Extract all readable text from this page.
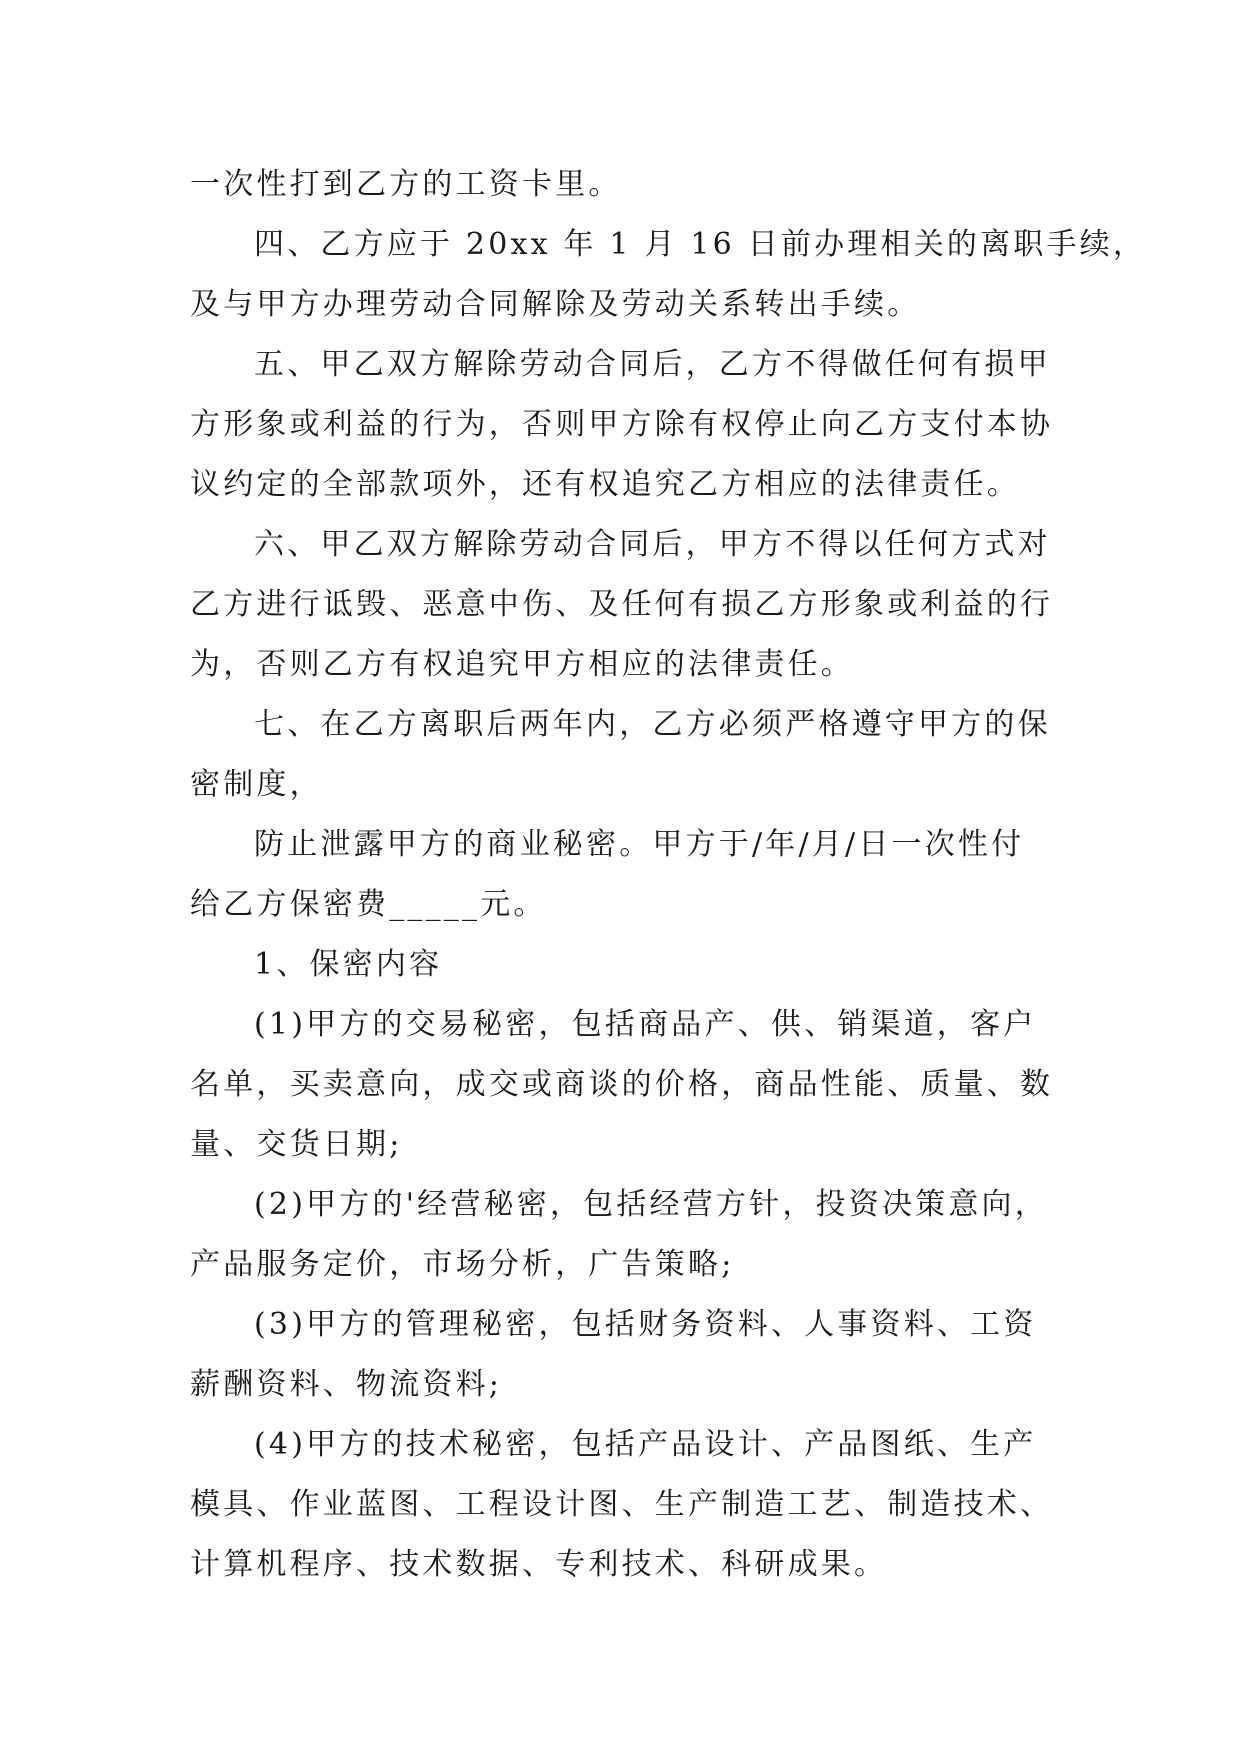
一次性打到乙方的工资卡里。
四、乙方应于 20xx 年 1 月 16 日前办理相关的离职手续，
及与甲方办理劳动合同解除及劳动关系转出手续。
五、甲乙双方解除劳动合同后，乙方不得做任何有损甲
方形象或利益的行为，否则甲方除有权停止向乙方支付本协
议约定的全部款项外，还有权追究乙方相应的法律责任。
六、甲乙双方解除劳动合同后，甲方不得以任何方式对
乙方进行诋毁、恶意中伤、及任何有损乙方形象或利益的行
为，否则乙方有权追究甲方相应的法律责任。
七、在乙方离职后两年内，乙方必须严格遵守甲方的保
密制度，
防止泄露甲方的商业秘密。甲方于/年/月/日一次性付
给乙方保密费_____元。
1、保密内容
(1)甲方的交易秘密，包括商品产、供、销渠道，客户
名单，买卖意向，成交或商谈的价格，商品性能、质量、数
量、交货日期;
(2)甲方的'经营秘密，包括经营方针，投资决策意向，
产品服务定价，市场分析，广告策略;
(3)甲方的管理秘密，包括财务资料、人事资料、工资
薪酬资料、物流资料;
(4)甲方的技术秘密，包括产品设计、产品图纸、生产
模具、作业蓝图、工程设计图、生产制造工艺、制造技术、
计算机程序、技术数据、专利技术、科研成果。
